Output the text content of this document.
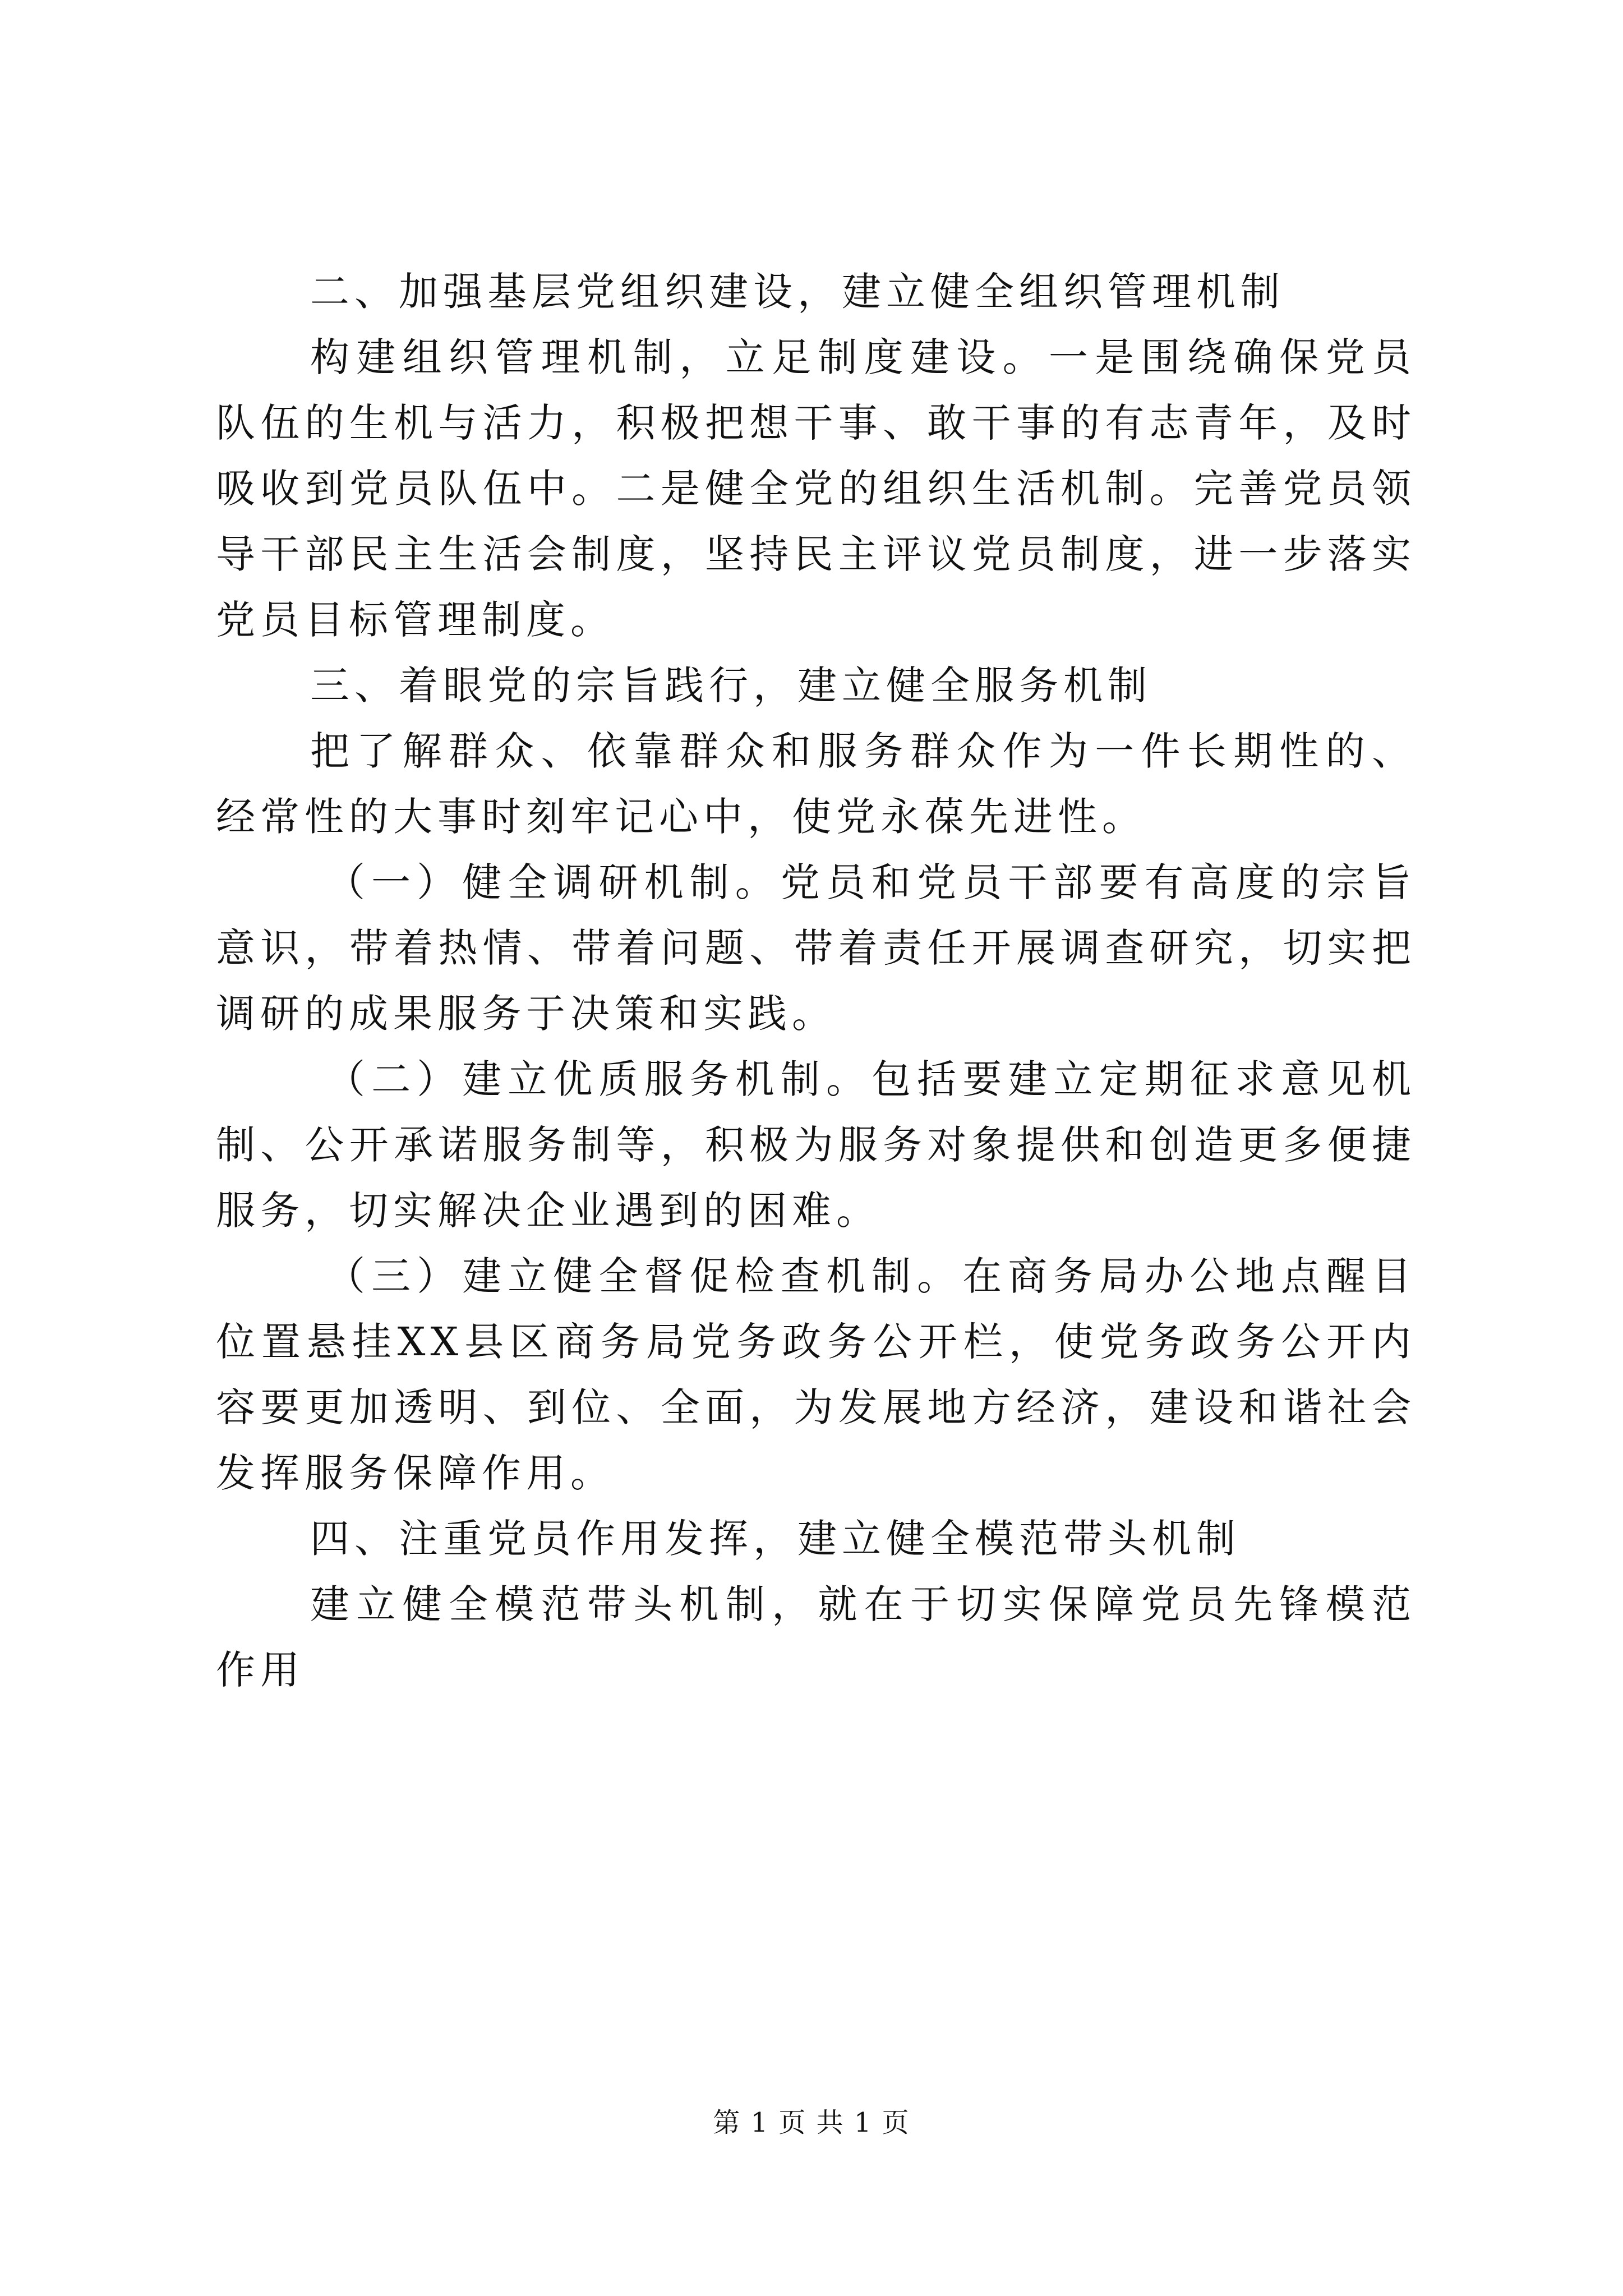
二、加强基层党组织建设，建立健全组织管理机制

构建组织管理机制，立足制度建设。一是围绕确保党员队伍的生机与活力，积极把想干事、敢干事的有志青年，及时吸收到党员队伍中。二是健全党的组织生活机制。完善党员领导干部民主生活会制度，坚持民主评议党员制度，进一步落实党员目标管理制度。

三、着眼党的宗旨践行，建立健全服务机制

把了解群众、依靠群众和服务群众作为一件长期性的、经常性的大事时刻牢记心中，使党永葆先进性。

（一）健全调研机制。党员和党员干部要有高度的宗旨意识，带着热情、带着问题、带着责任开展调查研究，切实把调研的成果服务于决策和实践。

（二）建立优质服务机制。包括要建立定期征求意见机制、公开承诺服务制等，积极为服务对象提供和创造更多便捷服务，切实解决企业遇到的困难。

（三）建立健全督促检查机制。在商务局办公地点醒目位置悬挂XX县区商务局党务政务公开栏，使党务政务公开内容要更加透明、到位、全面，为发展地方经济，建设和谐社会发挥服务保障作用。

四、注重党员作用发挥，建立健全模范带头机制

建立健全模范带头机制，就在于切实保障党员先锋模范作用

第 1 页 共 1 页
